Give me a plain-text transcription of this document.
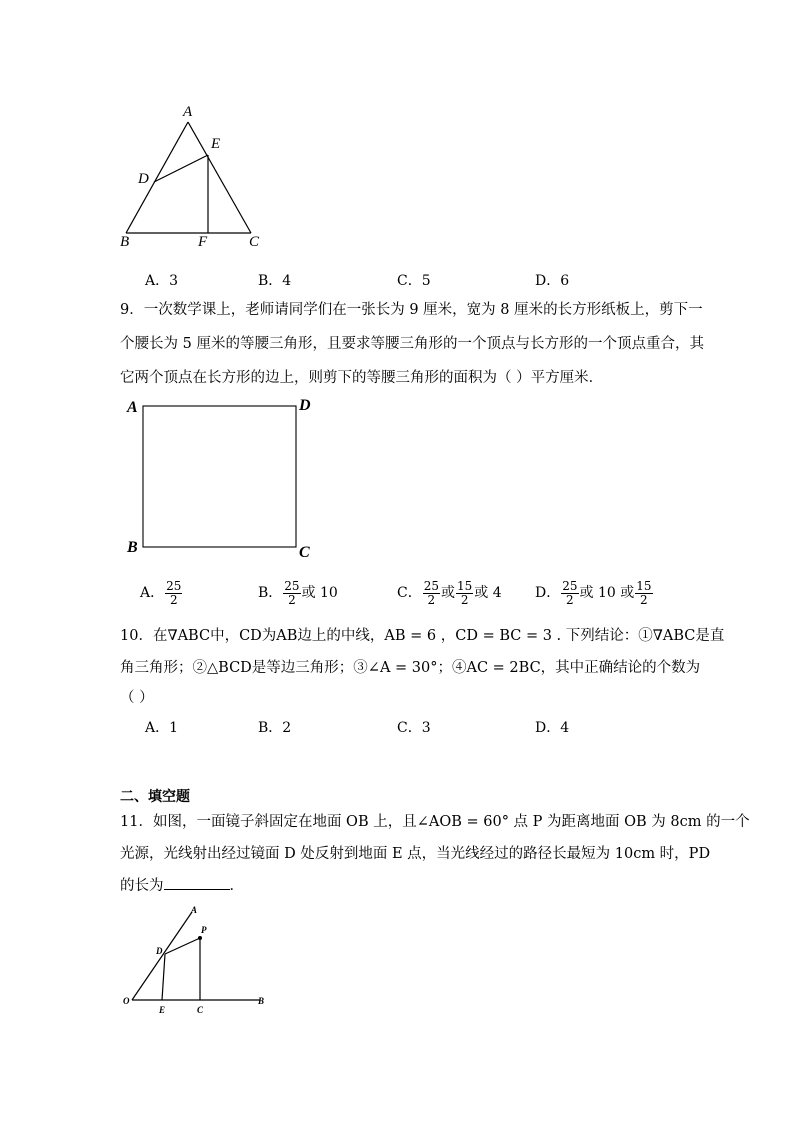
A
E
D
B	F	C
A．3	B．4	C．5	D．6
9．一次数学课上，老师请同学们在一张长为 9 厘米，宽为 8 厘米的长方形纸板上，剪下一
个腰长为 5 厘米的等腰三角形，且要求等腰三角形的一个顶点与长方形的一个顶点重合，其
它两个顶点在长方形的边上，则剪下的等腰三角形的面积为（ ）平方厘米．
A	D
B	C
A． $\frac{25}{2}$	B． $\frac{25}{2}$ 或 10	C． $\frac{25}{2}$ 或 $\frac{15}{2}$ 或 4 D． $\frac{25}{2}$ 或 10 或 $\frac{15}{2}$
10．在∇ABC中，CD为AB边上的中线，AB = 6 ，CD = BC = 3 . 下列结论：①∇ABC是直
角三角形；②△BCD是等边三角形；③∠A = 30°；④AC = 2BC，其中正确结论的个数为
（ ）
A．1	B．2	C．3	D．4
二、填空题
11．如图，一面镜子斜固定在地面 OB 上，且∠AOB = 60° 点 P 为距离地面 OB 为 8cm 的一个
光源，光线射出经过镜面 D 处反射到地面 E 点，当光线经过的路径长最短为 10cm 时，PD
的长为	．
A
D
P
O
E	C
B
